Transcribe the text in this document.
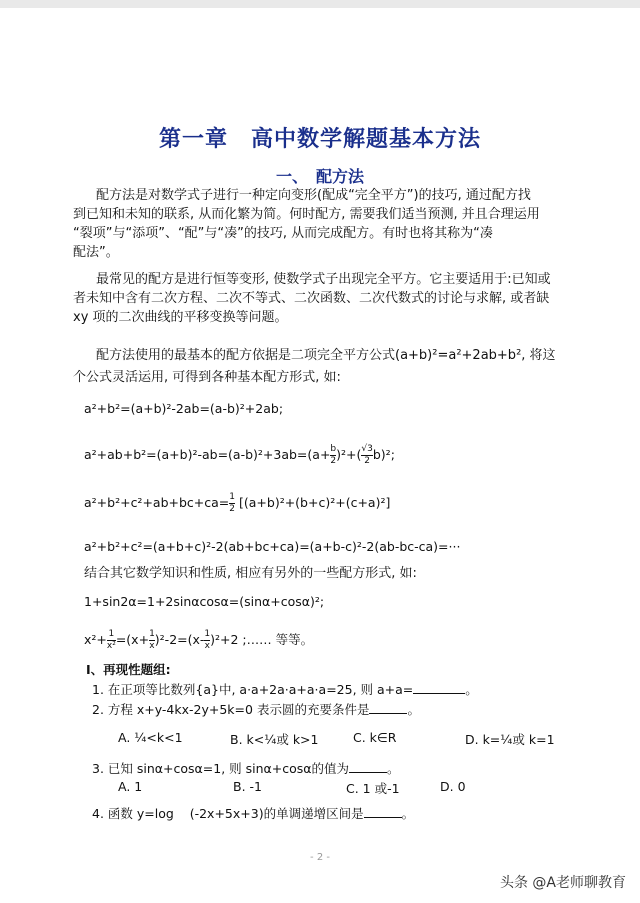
第一章　高中数学解题基本方法
一、　配方法
配方法是对数学式子进行一种定向变形(配成“完全平方”)的技巧, 通过配方找
到已知和未知的联系, 从而化繁为简。何时配方, 需要我们适当预测, 并且合理运用
“裂项”与“添项”、“配”与“凑”的技巧, 从而完成配方。有时也将其称为“凑
配法”。
最常见的配方是进行恒等变形, 使数学式子出现完全平方。它主要适用于:已知或
者未知中含有二次方程、二次不等式、二次函数、二次代数式的讨论与求解, 或者缺
xy 项的二次曲线的平移变换等问题。
配方法使用的最基本的配方依据是二项完全平方公式(a+b)²=a²+2ab+b², 将这
个公式灵活运用, 可得到各种基本配方形式, 如:
a²+b²=(a+b)²-2ab=(a-b)²+2ab;
$a^2+ab+b^2=(a+b)^2-ab=(a-b)^2+3ab=(a+ \frac{b}{2} )^2+( \frac{√3}{2} b)^2$;
$a^2+b^2+c^2+ab+bc+ca= \frac{1}{2} [(a+b)^2+(b+c)^2+(c+a)^2]$
a²+b²+c²=(a+b+c)²-2(ab+bc+ca)=(a+b-c)²-2(ab-bc-ca)=···
结合其它数学知识和性质, 相应有另外的一些配方形式, 如:
1+sin2α=1+2sinαcosα=(sinα+cosα)²;
$x^2+ \frac{1}{\text{x²}} =(x+ \frac{1}{x} )^2-2=(x- \frac{1}{x} )^2+2$ ;…… 等等。
Ⅰ、再现性题组:
1. 在正项等比数列{a}中, a·a+2a·a+a·a=25, 则 a+a=	。
2. 方程 x+y-4kx-2y+5k=0 表示圆的充要条件是	。
A. ¼<k<1	B. k<¼或 k>1	C. k∈R	D. k=¼或 k=1
3. 已知 sinα+cosα=1, 则 sinα+cosα的值为	。
A. 1	B. -1	C. 1 或-1	D. 0
4. 函数 y=log (-2x+5x+3)的单调递增区间是	。
- 2 -
头条 @A老师聊教育
